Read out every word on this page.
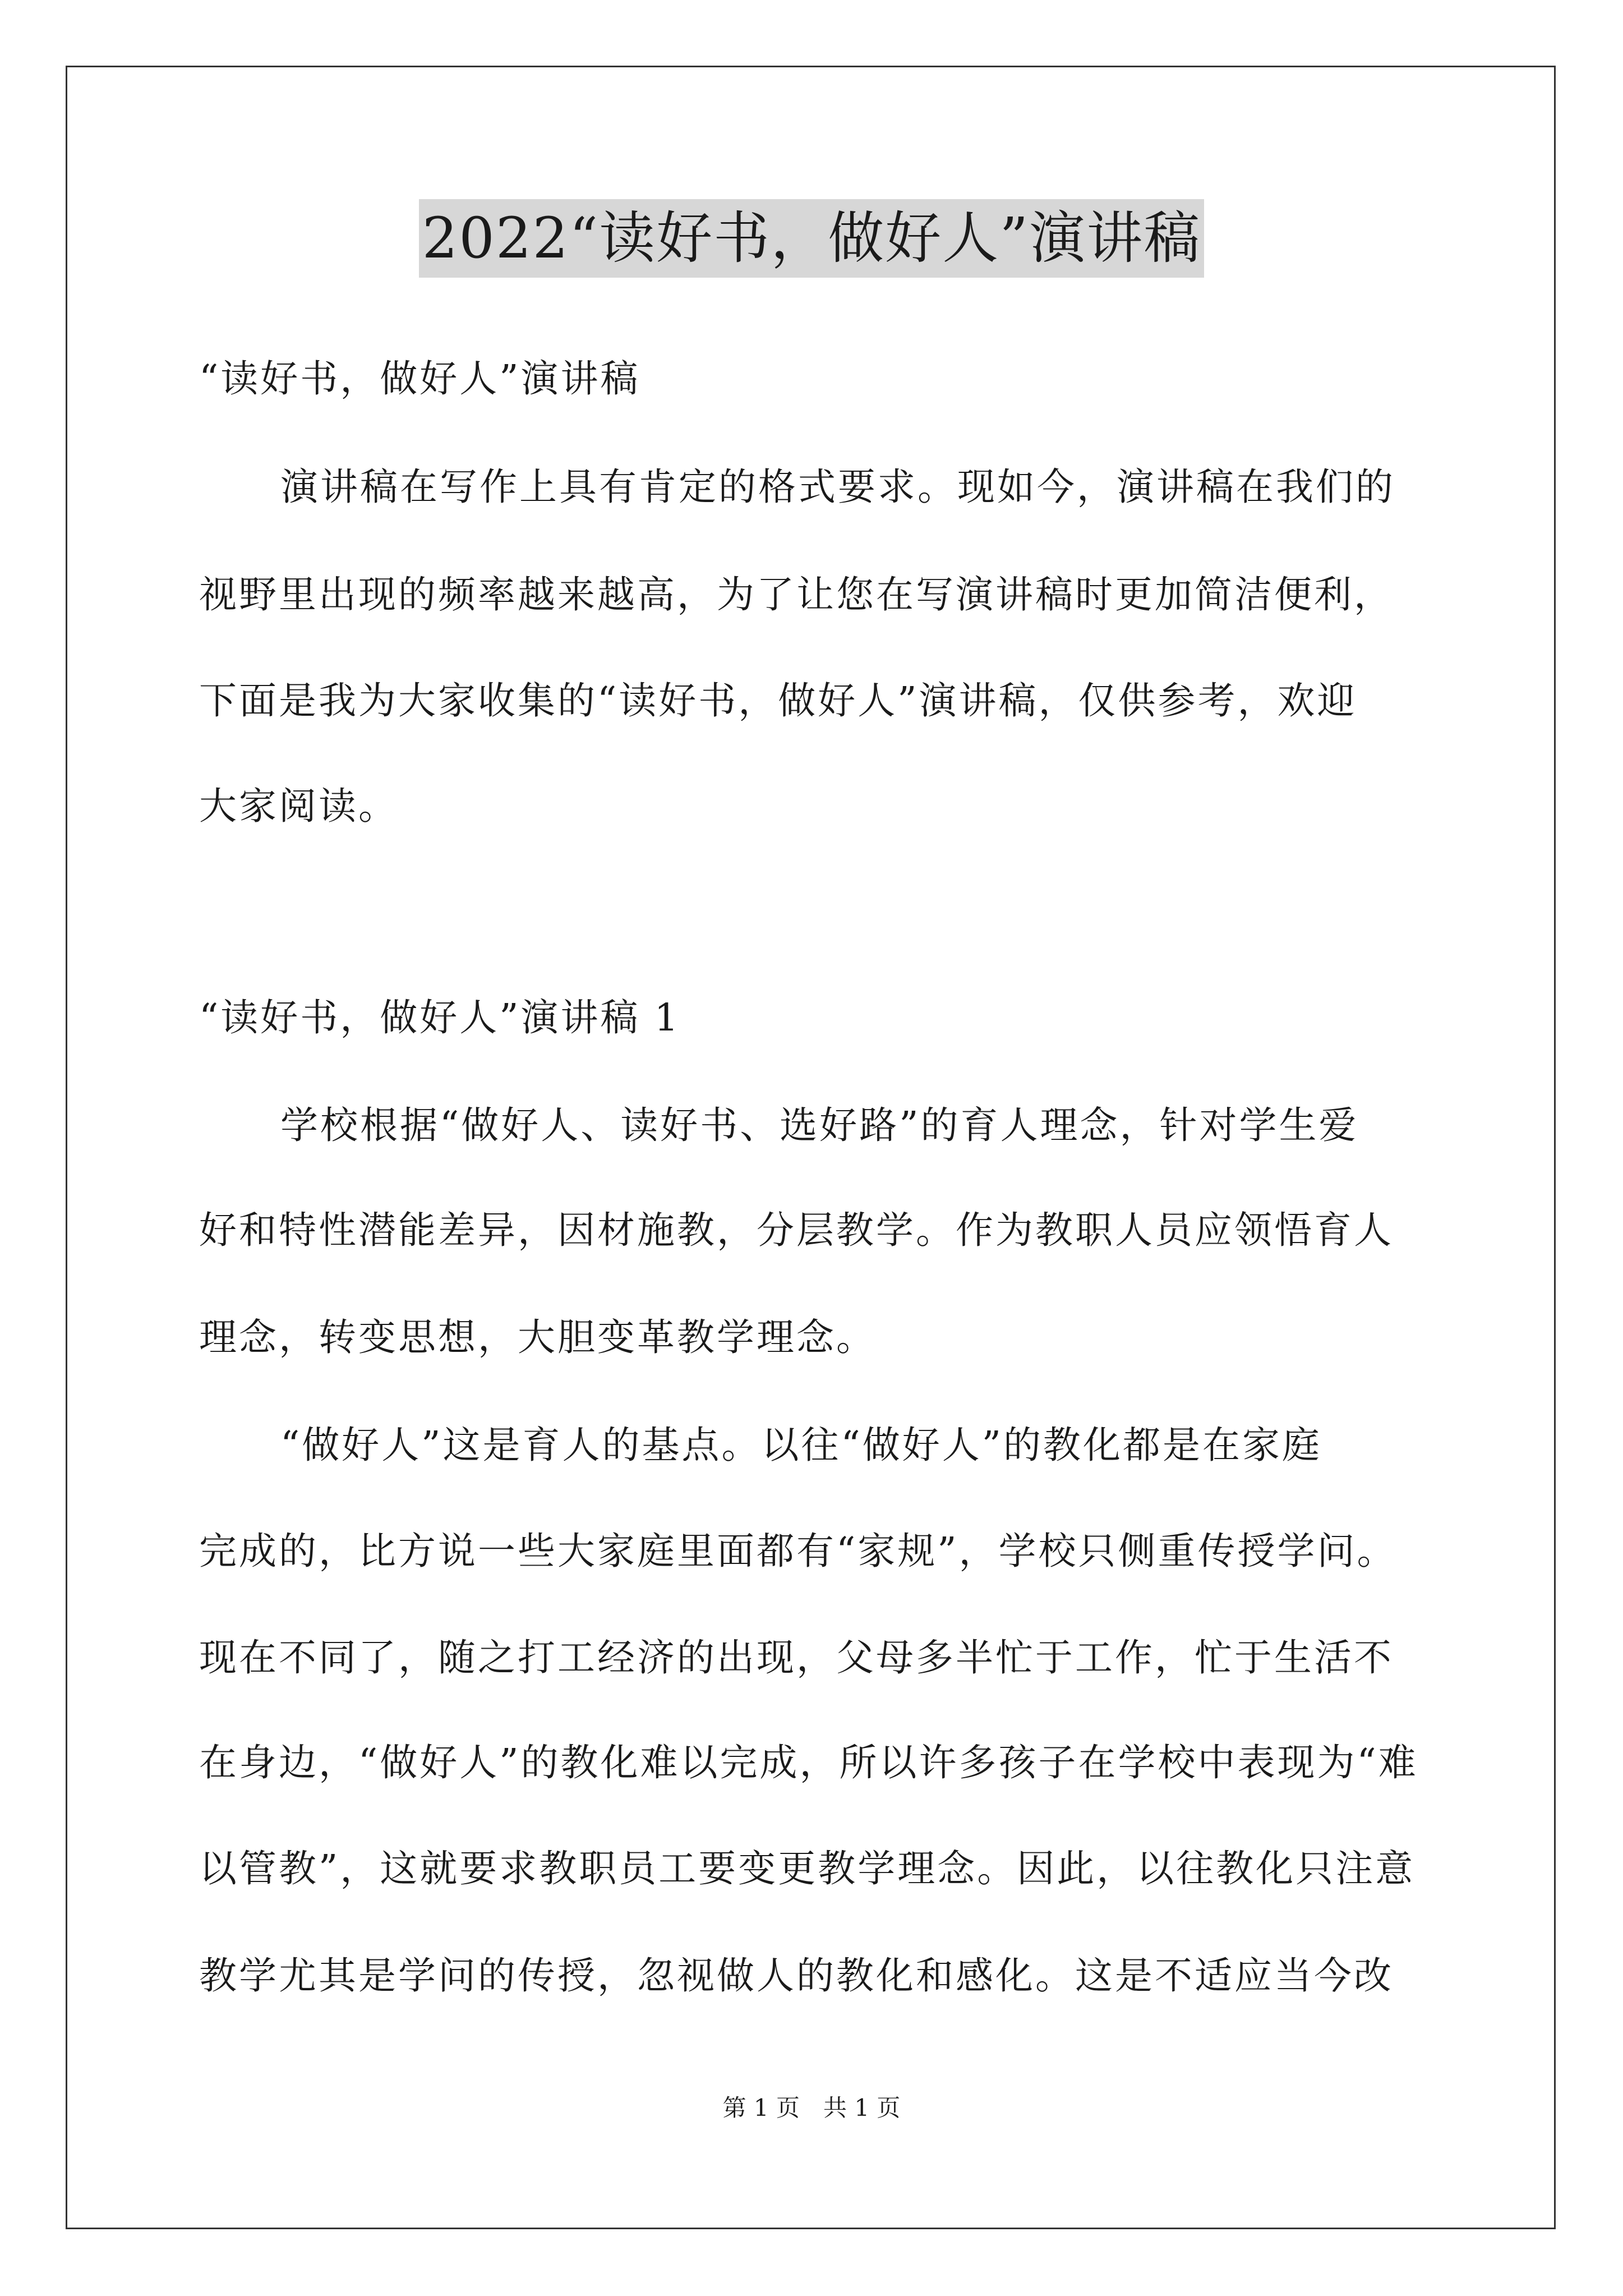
2022“读好书，做好人”演讲稿
“读好书，做好人”演讲稿
演讲稿在写作上具有肯定的格式要求。现如今，演讲稿在我们的
视野里出现的频率越来越高，为了让您在写演讲稿时更加简洁便利，
下面是我为大家收集的“读好书，做好人”演讲稿，仅供参考，欢迎
大家阅读。
“读好书，做好人”演讲稿 1
学校根据“做好人、读好书、选好路”的育人理念，针对学生爱
好和特性潜能差异，因材施教，分层教学。作为教职人员应领悟育人
理念，转变思想，大胆变革教学理念。
“做好人”这是育人的基点。以往“做好人”的教化都是在家庭
完成的，比方说一些大家庭里面都有“家规”，学校只侧重传授学问。
现在不同了，随之打工经济的出现，父母多半忙于工作，忙于生活不
在身边，“做好人”的教化难以完成，所以许多孩子在学校中表现为“难
以管教”，这就要求教职员工要变更教学理念。因此，以往教化只注意
教学尤其是学问的传授，忽视做人的教化和感化。这是不适应当今改
第 1 页　共 1 页
